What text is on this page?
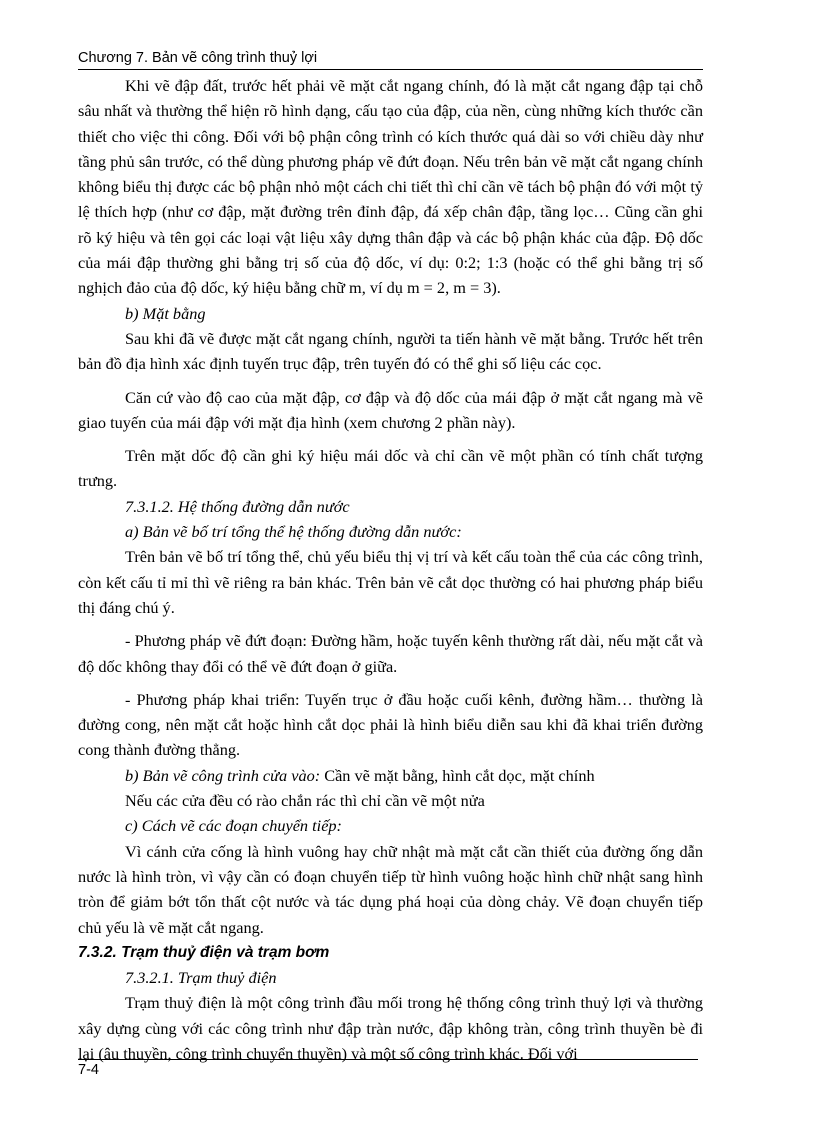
Chương 7. Bản vẽ công trình thuỷ lợi

Khi vẽ đập đất, trước hết phải vẽ mặt cắt ngang chính, đó là mặt cắt ngang đập tại chỗ sâu nhất và thường thể hiện rõ hình dạng, cấu tạo của đập, của nền, cùng những kích thước cần thiết cho việc thi công. Đối với bộ phận công trình có kích thước quá dài so với chiều dày như tầng phủ sân trước, có thể dùng phương pháp vẽ đứt đoạn. Nếu trên bản vẽ mặt cắt ngang chính không biểu thị được các bộ phận nhỏ một cách chi tiết thì chỉ cần vẽ tách bộ phận đó với một tỷ lệ thích hợp (như cơ đập, mặt đường trên đỉnh đập, đá xếp chân đập, tầng lọc… Cũng cần ghi rõ ký hiệu và tên gọi các loại vật liệu xây dựng thân đập và các bộ phận khác của đập. Độ dốc của mái đập thường ghi bằng trị số của độ dốc, ví dụ: 0:2; 1:3 (hoặc có thể ghi bằng trị số nghịch đảo của độ dốc, ký hiệu bằng chữ m, ví dụ m = 2, m = 3).

b) Mặt bằng

Sau khi đã vẽ được mặt cắt ngang chính, người ta tiến hành vẽ mặt bằng. Trước hết trên bản đồ địa hình xác định tuyến trục đập, trên tuyến đó có thể ghi số liệu các cọc.

Căn cứ vào độ cao của mặt đập, cơ đập và độ dốc của mái đập ở mặt cắt ngang mà vẽ giao tuyến của mái đập với mặt địa hình (xem chương 2 phần này).

Trên mặt dốc độ cần ghi ký hiệu mái dốc và chỉ cần vẽ một phần có tính chất tượng trưng.

7.3.1.2. Hệ thống đường dẫn nước

a) Bản vẽ bố trí tổng thể hệ thống đường dẫn nước:

Trên bản vẽ bố trí tổng thể, chủ yếu biểu thị vị trí và kết cấu toàn thể của các công trình, còn kết cấu tỉ mỉ thì vẽ riêng ra bản khác. Trên bản vẽ cắt dọc thường có hai phương pháp biểu thị đáng chú ý.

- Phương pháp vẽ đứt đoạn: Đường hầm, hoặc tuyến kênh thường rất dài, nếu mặt cắt và độ dốc không thay đổi có thể vẽ đứt đoạn ở giữa.

- Phương pháp khai triển: Tuyến trục ở đầu hoặc cuối kênh, đường hầm… thường là đường cong, nên mặt cắt hoặc hình cắt dọc phải là hình biểu diễn sau khi đã khai triển đường cong thành đường thẳng.

b) Bản vẽ công trình cửa vào: Cần vẽ mặt bằng, hình cắt dọc, mặt chính

Nếu các cửa đều có rào chắn rác thì chỉ cần vẽ một nửa

c) Cách vẽ các đoạn chuyển tiếp:

Vì cánh cửa cống là hình vuông hay chữ nhật mà mặt cắt cần thiết của đường ống dẫn nước là hình tròn, vì vậy cần có đoạn chuyển tiếp từ hình vuông hoặc hình chữ nhật sang hình tròn để giảm bớt tổn thất cột nước và tác dụng phá hoại của dòng chảy. Vẽ đoạn chuyển tiếp chủ yếu là vẽ mặt cắt ngang.

7.3.2. Trạm thuỷ điện và trạm bơm

7.3.2.1. Trạm thuỷ điện

Trạm thuỷ điện là một công trình đầu mối trong hệ thống công trình thuỷ lợi và thường xây dựng cùng với các công trình như đập tràn nước, đập không tràn, công trình thuyền bè đi lại (âu thuyền, công trình chuyển thuyền) và một số công trình khác. Đối với

7-4
